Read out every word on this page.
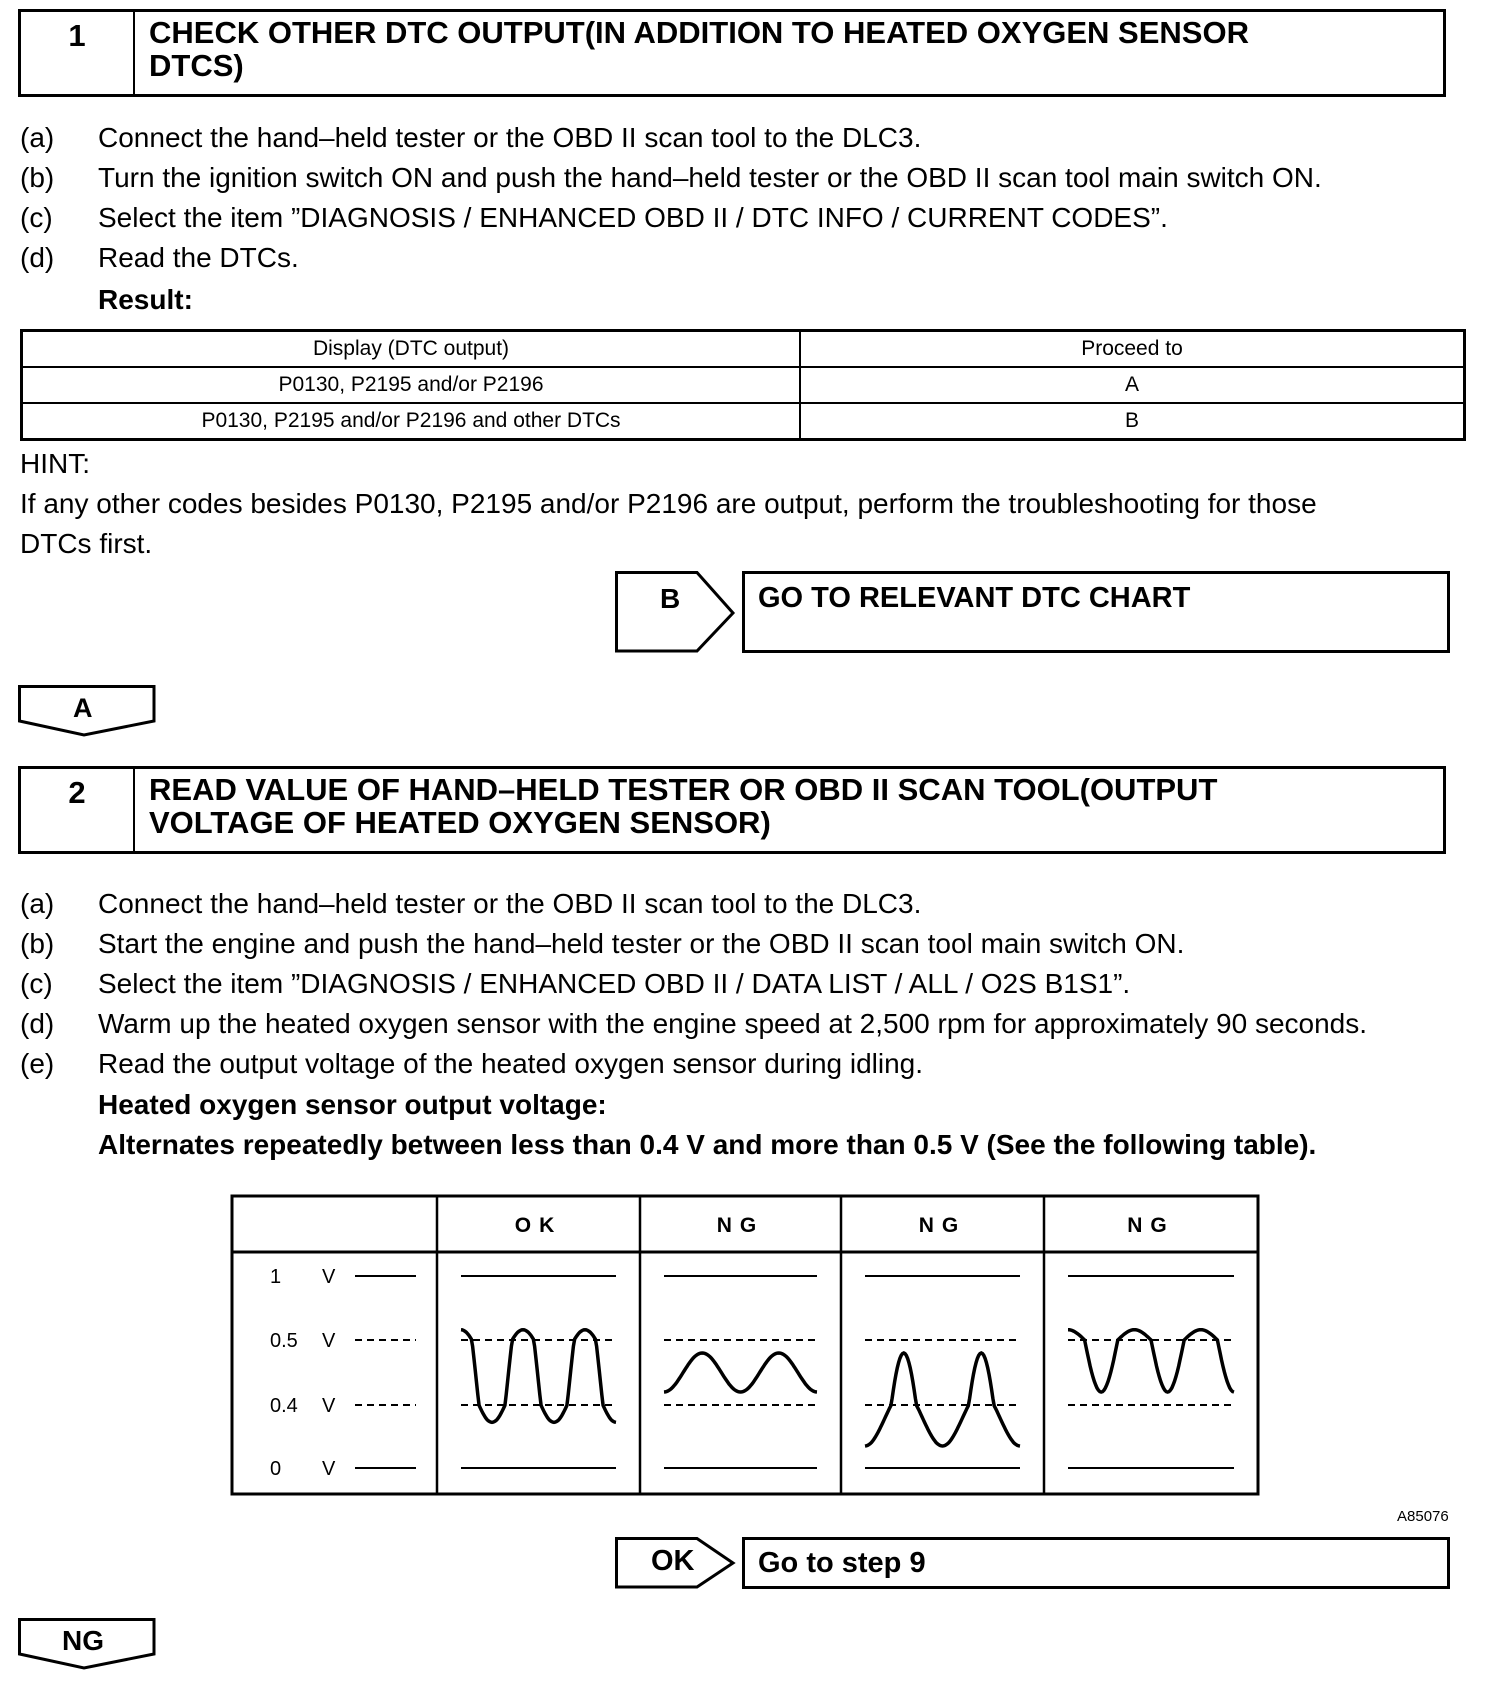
1	CHECK OTHER DTC OUTPUT(IN ADDITION TO HEATED OXYGEN SENSOR DTCS)
(a) Connect the hand–held tester or the OBD II scan tool to the DLC3.
(b) Turn the ignition switch ON and push the hand–held tester or the OBD II scan tool main switch ON.
(c) Select the item ”DIAGNOSIS / ENHANCED OBD II / DTC INFO / CURRENT CODES”.
(d) Read the DTCs.
Result:
Display (DTC output)	Proceed to
P0130, P2195 and/or P2196	A
P0130, P2195 and/or P2196 and other DTCs	B
HINT:
If any other codes besides P0130, P2195 and/or P2196 are output, perform the troubleshooting for those
DTCs first.
B	GO TO RELEVANT DTC CHART
A
2	READ VALUE OF HAND–HELD TESTER OR OBD II SCAN TOOL(OUTPUT
VOLTAGE OF HEATED OXYGEN SENSOR)
(a) Connect the hand–held tester or the OBD II scan tool to the DLC3.
(b) Start the engine and push the hand–held tester or the OBD II scan tool main switch ON.
(c) Select the item ”DIAGNOSIS / ENHANCED OBD II / DATA LIST / ALL / O2S B1S1”.
(d) Warm up the heated oxygen sensor with the engine speed at 2,500 rpm for approximately 90 seconds.
(e) Read the output voltage of the heated oxygen sensor during idling.
Heated oxygen sensor output voltage:
Alternates repeatedly between less than 0.4 V and more than 0.5 V (See the following table).
1 V
0.5 V
0.4 V
0 V
OK	NG	NG	NG
A85076
OK Go to step 9
NG
